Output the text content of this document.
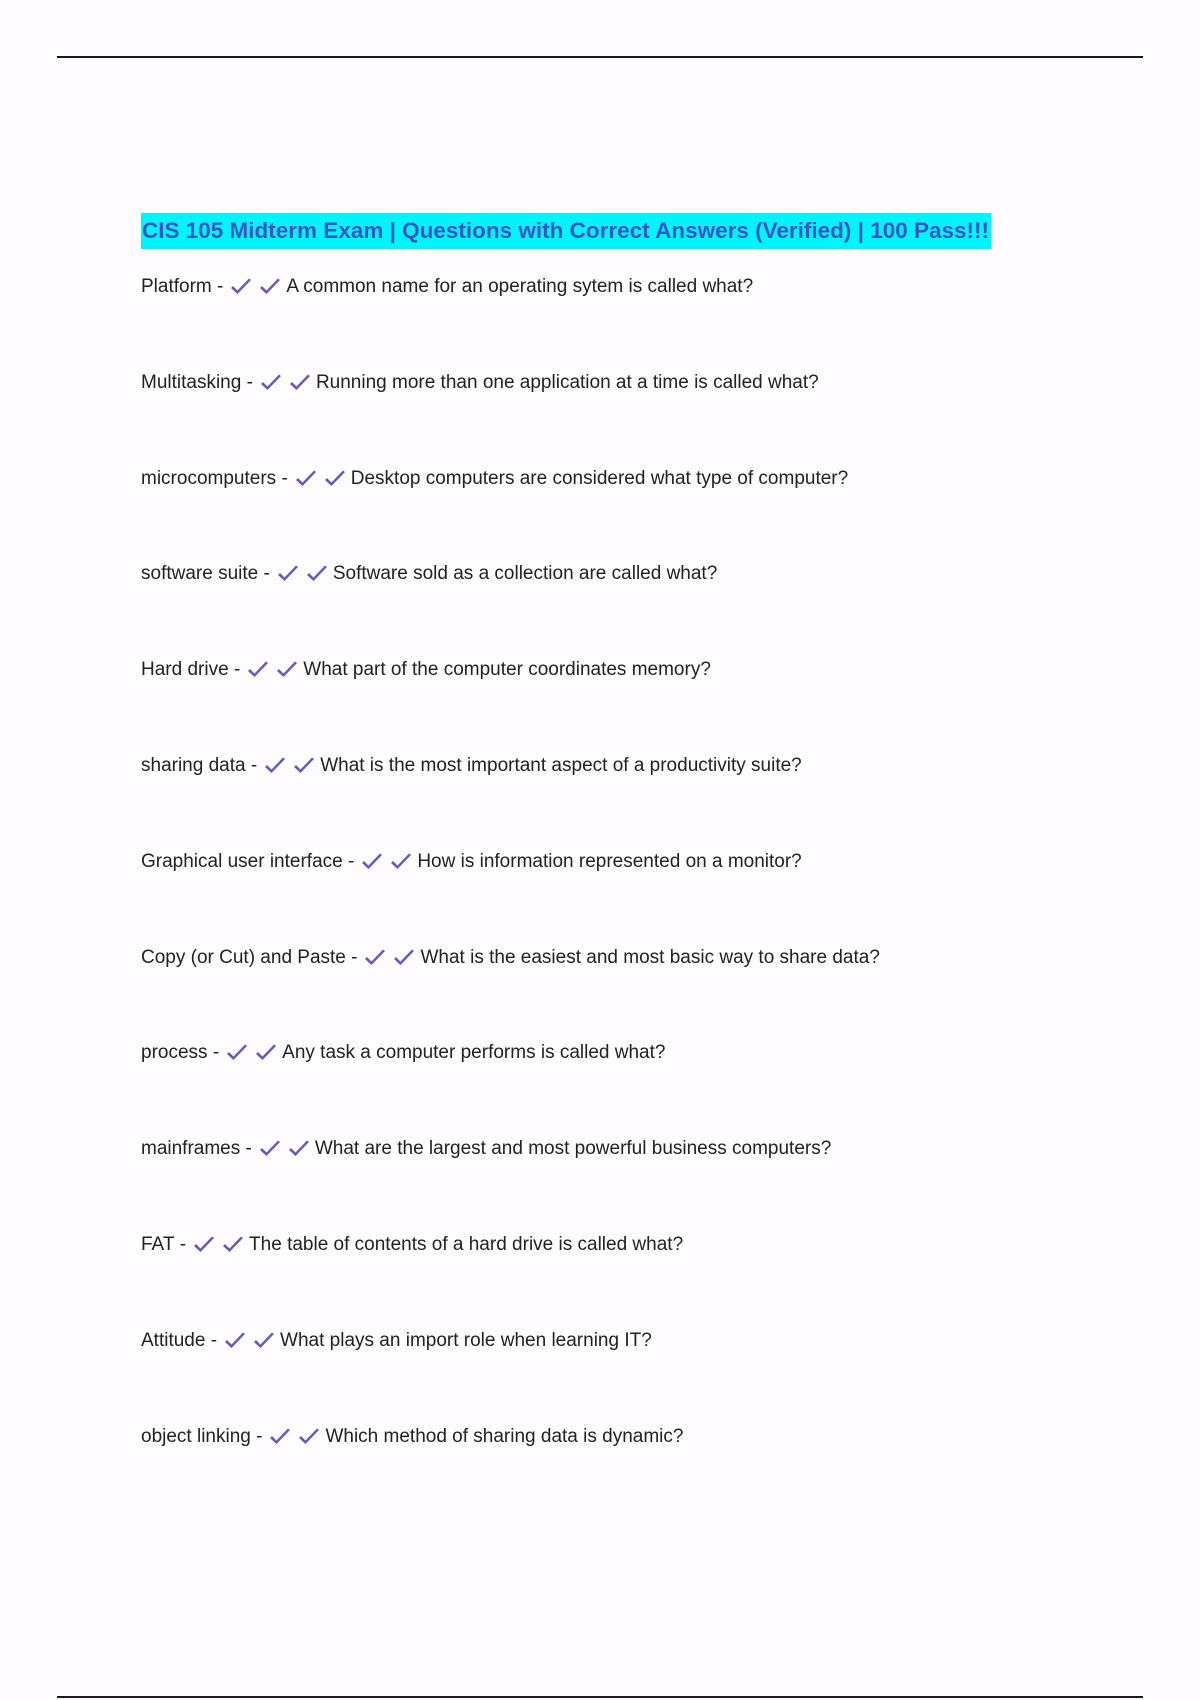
CIS 105 Midterm Exam | Questions with Correct Answers (Verified) | 100 Pass!!!
Platform -	A common name for an operating sytem is called what?
Multitasking -	Running more than one application at a time is called what?
microcomputers -	Desktop computers are considered what type of computer?
software suite -	Software sold as a collection are called what?
Hard drive -	What part of the computer coordinates memory?
sharing data -	What is the most important aspect of a productivity suite?
Graphical user interface -	How is information represented on a monitor?
Copy (or Cut) and Paste -	What is the easiest and most basic way to share data?
process -	Any task a computer performs is called what?
mainframes -	What are the largest and most powerful business computers?
FAT -	The table of contents of a hard drive is called what?
Attitude -	What plays an import role when learning IT?
object linking -	Which method of sharing data is dynamic?
